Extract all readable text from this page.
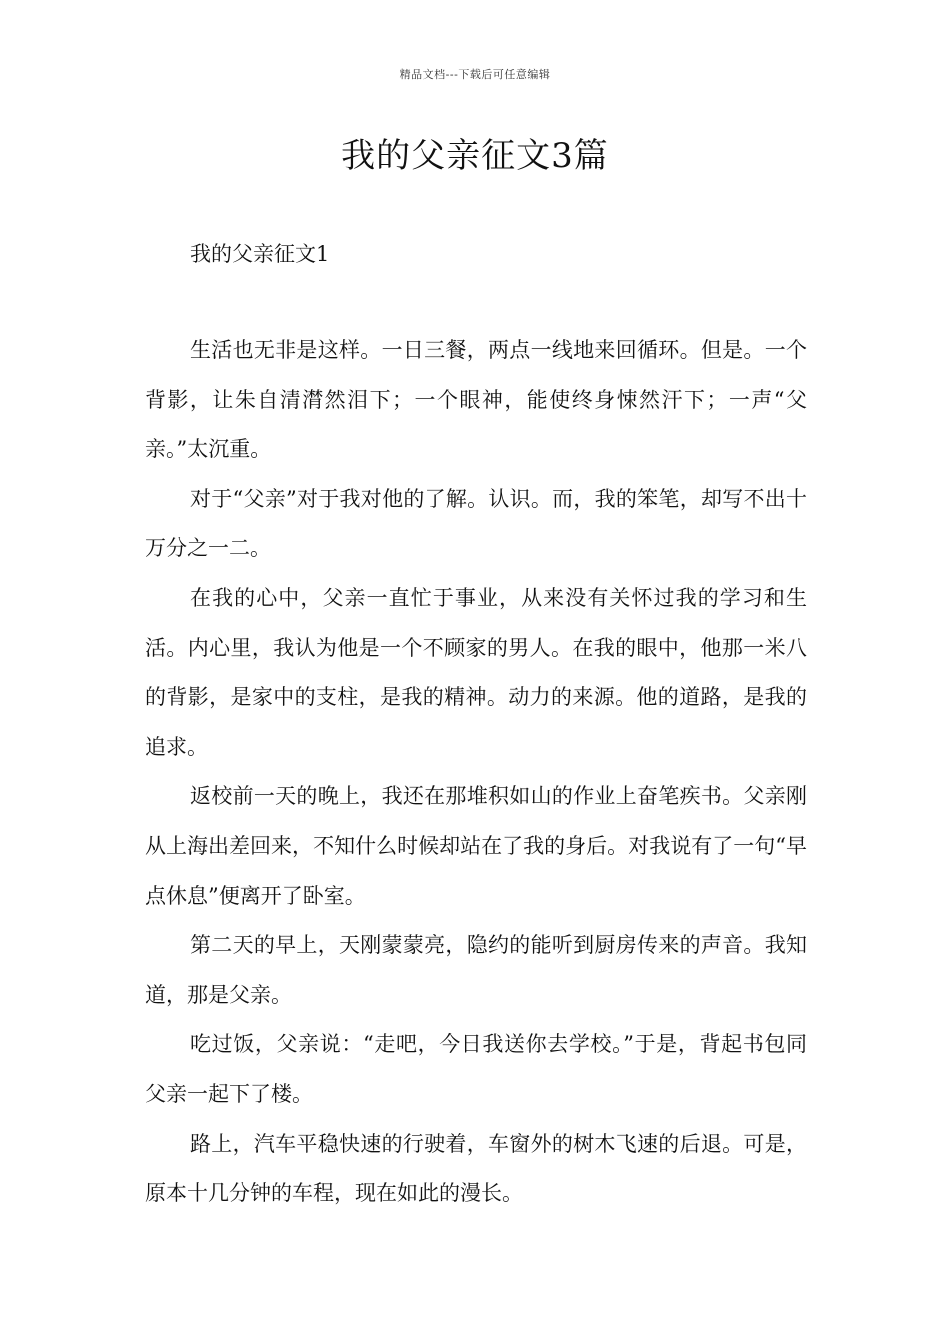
精品文档---下载后可任意编辑
我的父亲征文3篇
我的父亲征文1

生活也无非是这样。一日三餐，两点一线地来回循环。但是。一个背影，让朱自清潸然泪下；一个眼神，能使终身悚然汗下；一声“父亲。”太沉重。

对于“父亲”对于我对他的了解。认识。而，我的笨笔，却写不出十万分之一二。

在我的心中，父亲一直忙于事业，从来没有关怀过我的学习和生活。内心里，我认为他是一个不顾家的男人。在我的眼中，他那一米八的背影，是家中的支柱，是我的精神。动力的来源。他的道路，是我的追求。

返校前一天的晚上，我还在那堆积如山的作业上奋笔疾书。父亲刚从上海出差回来，不知什么时候却站在了我的身后。对我说有了一句“早点休息”便离开了卧室。

第二天的早上，天刚蒙蒙亮，隐约的能听到厨房传来的声音。我知道，那是父亲。

吃过饭，父亲说：“走吧，今日我送你去学校。”于是，背起书包同父亲一起下了楼。

路上，汽车平稳快速的行驶着，车窗外的树木飞速的后退。可是，原本十几分钟的车程，现在如此的漫长。
